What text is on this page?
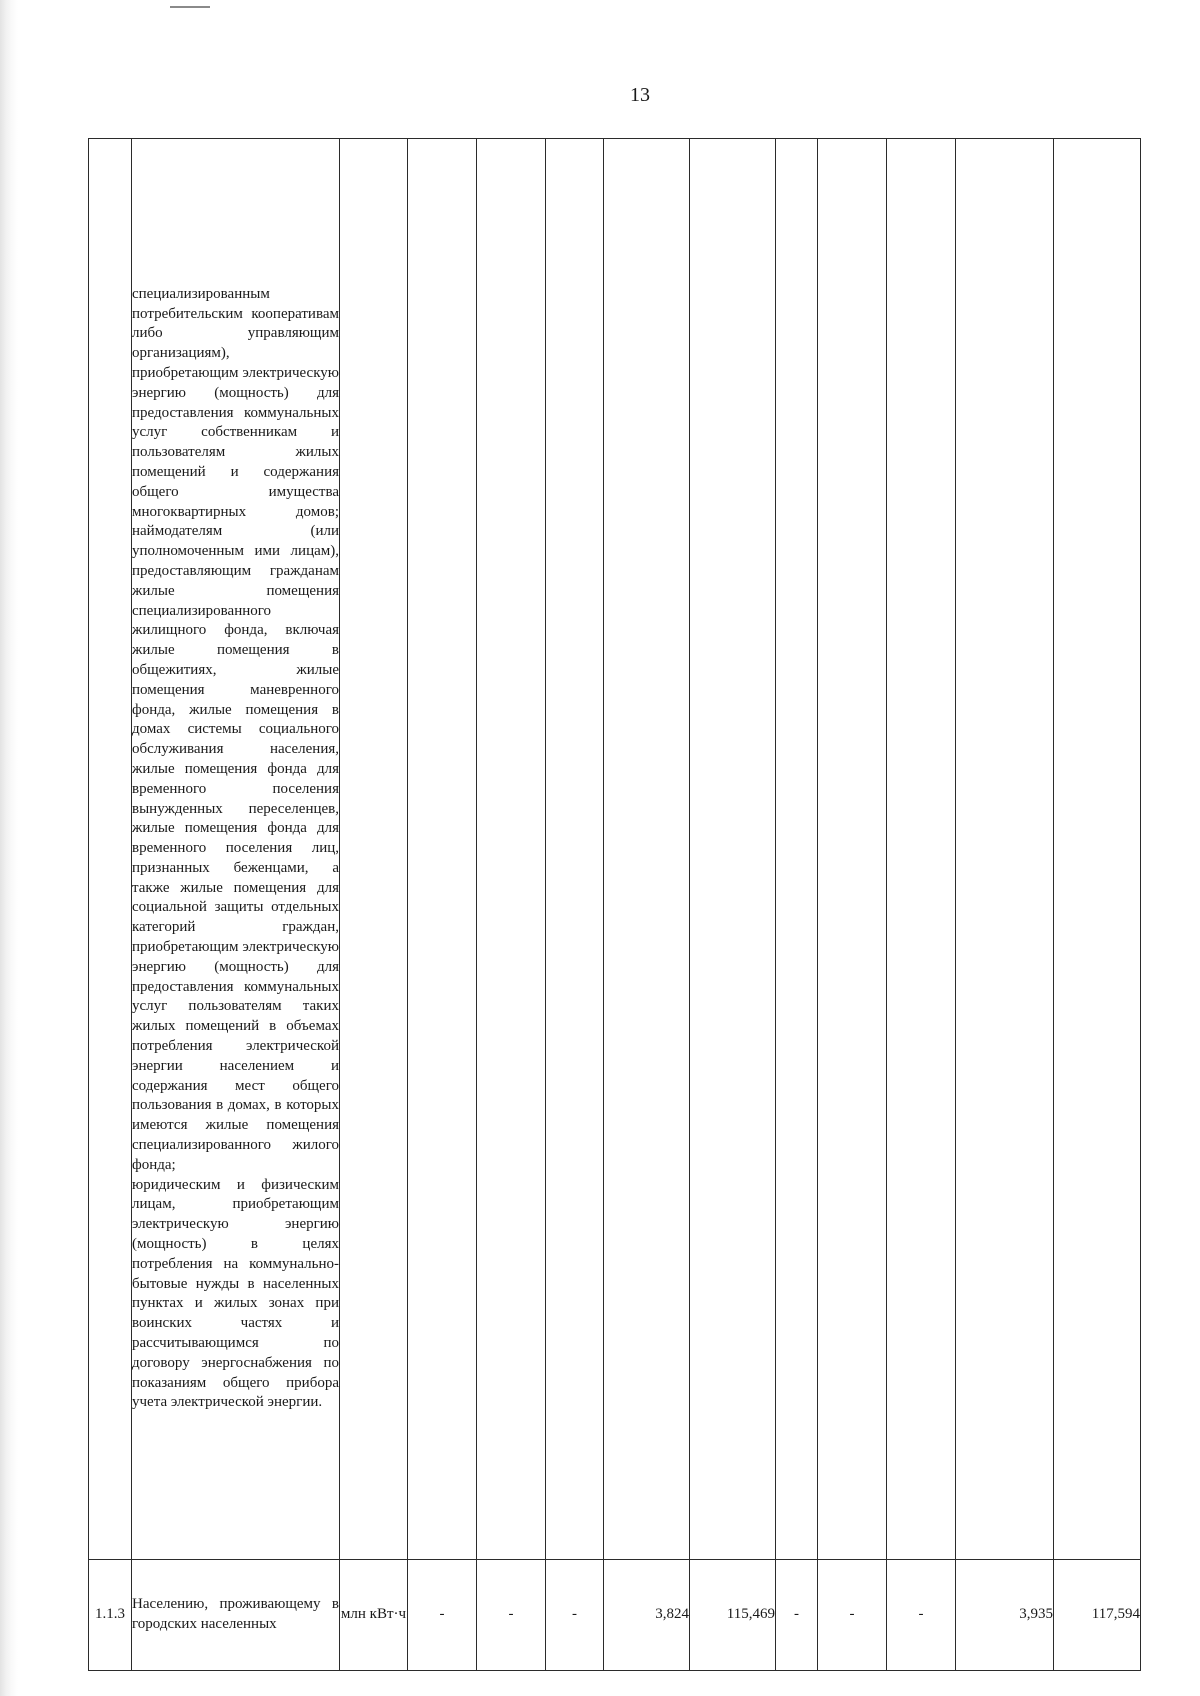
13

	специализированным потребительским кооперативам либо управляющим организациям), приобретающим электрическую энергию (мощность) для предоставления коммунальных услуг собственникам и пользователям жилых помещений и содержания общего имущества многоквартирных домов; наймодателям (или уполномоченным ими лицам), предоставляющим гражданам жилые помещения специализированного жилищного фонда, включая жилые помещения в общежитиях, жилые помещения маневренного фонда, жилые помещения в домах системы социального обслуживания населения, жилые помещения фонда для временного поселения вынужденных переселенцев, жилые помещения фонда для временного поселения лиц, признанных беженцами, а также жилые помещения для социальной защиты отдельных категорий граждан, приобретающим электрическую энергию (мощность) для предоставления коммунальных услуг пользователям таких жилых помещений в объемах потребления электрической энергии населением и содержания мест общего пользования в домах, в которых имеются жилые помещения специализированного жилого фонда;
юридическим и физическим лицам, приобретающим электрическую энергию (мощность) в целях потребления на коммунально-бытовые нужды в населенных пунктах и жилых зонах при воинских частях и рассчитывающимся по договору энергоснабжения по показаниям общего прибора учета электрической энергии.											

1.1.3	Населению, проживающему в городских населенных	млн кВт·ч	-	-	-	3,824	115,469	-	-	-	3,935	117,594
